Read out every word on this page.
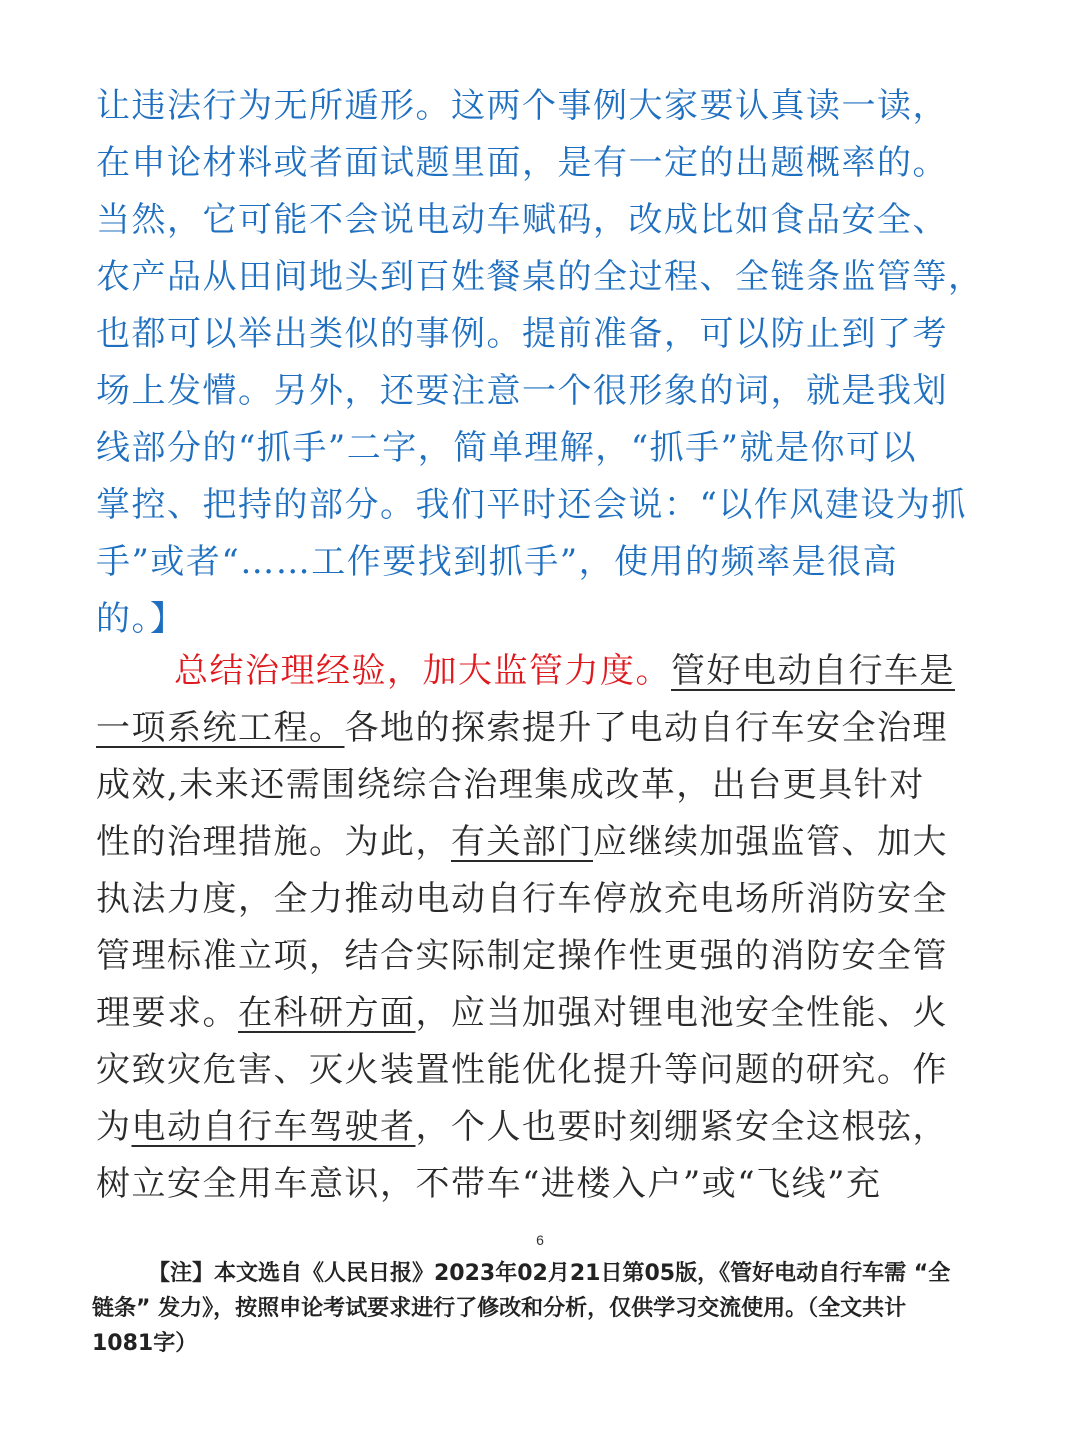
让违法行为无所遁形。这两个事例大家要认真读一读，
在申论材料或者面试题里面，是有一定的出题概率的。
当然，它可能不会说电动车赋码，改成比如食品安全、
农产品从田间地头到百姓餐桌的全过程、全链条监管等，
也都可以举出类似的事例。提前准备，可以防止到了考
场上发懵。另外，还要注意一个很形象的词，就是我划
线部分的“抓手”二字，简单理解，“抓手”就是你可以
掌控、把持的部分。我们平时还会说：“以作风建设为抓
手”或者“……工作要找到抓手”，使用的频率是很高
的。】
总结治理经验，加大监管力度。管好电动自行车是
一项系统工程。各地的探索提升了电动自行车安全治理
成效,未来还需围绕综合治理集成改革，出台更具针对
性的治理措施。为此，有关部门应继续加强监管、加大
执法力度，全力推动电动自行车停放充电场所消防安全
管理标准立项，结合实际制定操作性更强的消防安全管
理要求。在科研方面，应当加强对锂电池安全性能、火
灾致灾危害、灭火装置性能优化提升等问题的研究。作
为电动自行车驾驶者，个人也要时刻绷紧安全这根弦，
树立安全用车意识，不带车“进楼入户”或“飞线”充
6
【注】本文选自《人民日报》2023年02月21日第05版，《管好电动自行车需 “全
链条” 发力》，按照申论考试要求进行了修改和分析，仅供学习交流使用。（全文共计
1081字）
